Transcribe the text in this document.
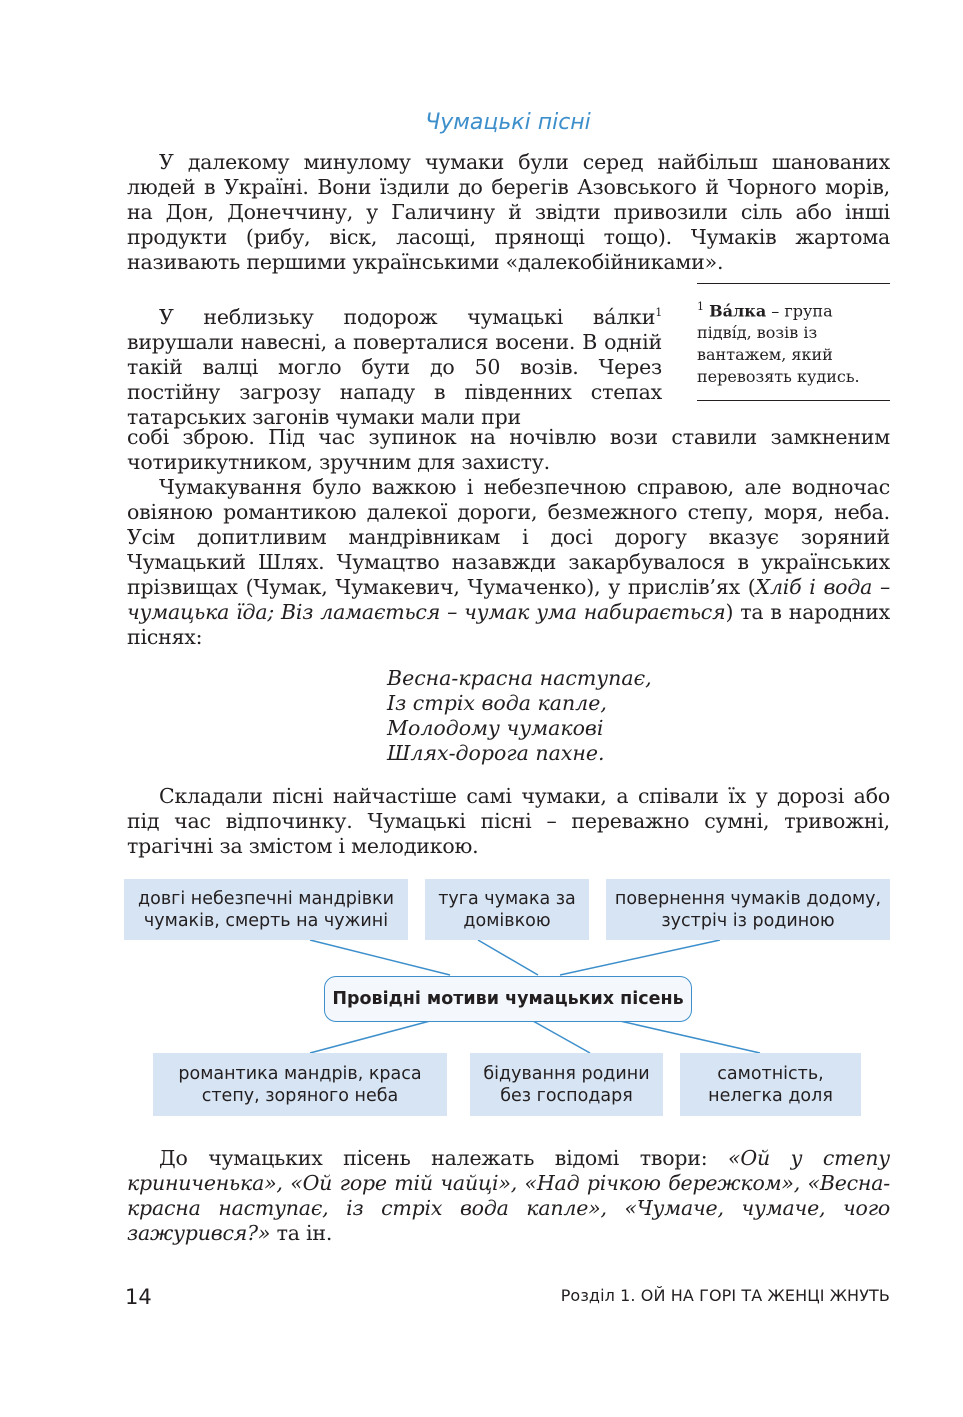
Чумацькі пісні

У далекому минулому чумаки були серед найбільш шанованих людей в Україні. Вони їздили до берегів Азовського й Чорного морів, на Дон, Донеччину, у Галичину й звідти привозили сіль або інші продукти (рибу, віск, ласощі, прянощі тощо). Чумаків жартома називають першими українськими «далекобійниками».

У неблизьку подорож чумацькі ва́лки$^1$ вирушали навесні, а поверталися восени. В одній такій валці могло бути до 50 возів. Через постійну загрозу нападу в південних степах татарських загонів чумаки мали при

собі зброю. Під час зупинок на ночівлю вози ставили замкненим чотирикутником, зручним для захисту.

$^1$ Ва́лка – група підві́д, возів із вантажем, який перевозять кудись.

Чумакування було важкою і небезпечною справою, але водночас овіяною романтикою далекої дороги, безмежного степу, моря, неба. Усім допитливим мандрівникам і досі дорогу вказує зоряний Чумацький Шлях. Чумацтво назавжди закарбувалося в українських прізвищах (Чумак, Чумакевич, Чумаченко), у прислів’ях (Хліб і вода – чумацька їда; Віз ламається – чумак ума набирається) та в народних піснях:

Весна-красна наступає,
Із стріх вода капле,
Молодому чумакові
Шлях-дорога пахне.

Складали пісні найчастіше самі чумаки, а співали їх у дорозі або під час відпочинку. Чумацькі пісні – переважно сумні, тривожні, трагічні за змістом і мелодикою.

довгі небезпечні мандрівки
чумаків, смерть на чужині
туга чумака за
домівкою
повернення чумаків додому,
зустріч із родиною
Провідні мотиви чумацьких пісень
романтика мандрів, краса
степу, зоряного неба
бідування родини
без господаря
самотність,
нелегка доля

До чумацьких пісень належать відомі твори: «Ой у степу криниченька», «Ой горе тій чайці», «Над річкою бережком», «Весна-красна наступає, із стріх вода капле», «Чумаче, чумаче, чого зажурився?» та ін.

14	Розділ 1. ОЙ НА ГОРІ ТА ЖЕНЦІ ЖНУТЬ
